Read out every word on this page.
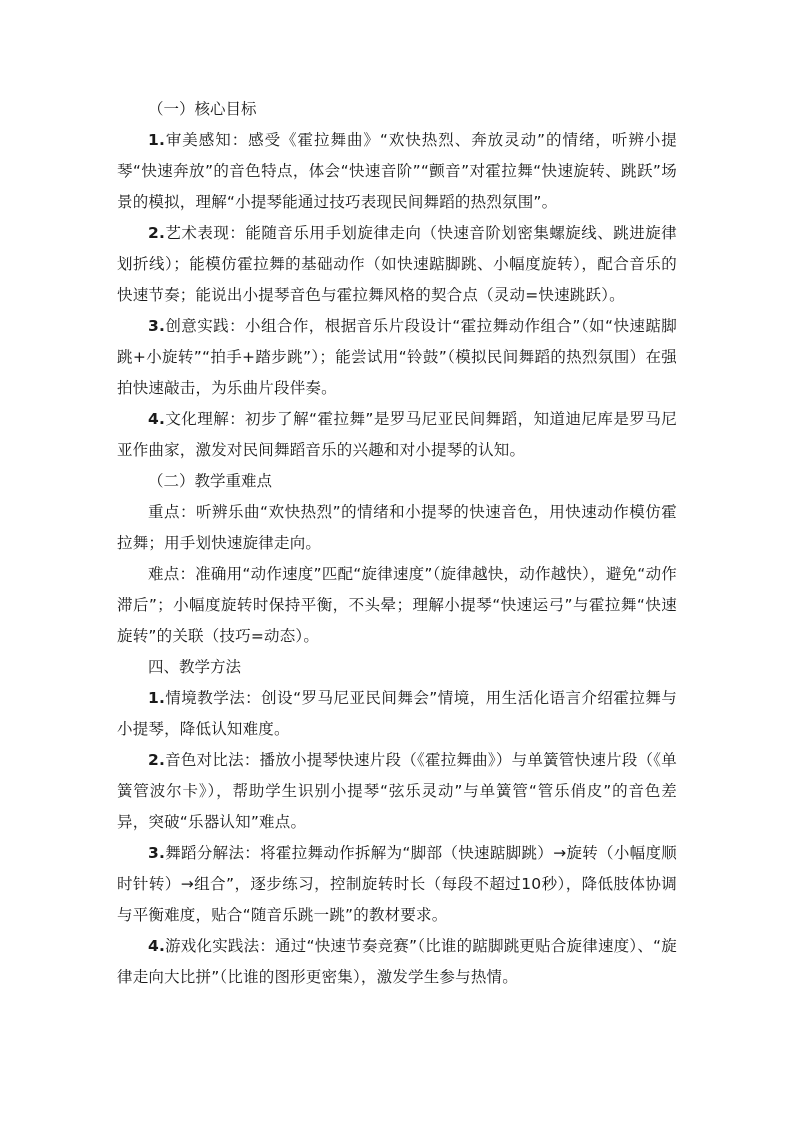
（一）核心目标

1.审美感知：感受《霍拉舞曲》“欢快热烈、奔放灵动”的情绪，听辨小提琴“快速奔放”的音色特点，体会“快速音阶”“颤音”对霍拉舞“快速旋转、跳跃”场景的模拟，理解“小提琴能通过技巧表现民间舞蹈的热烈氛围”。

2.艺术表现：能随音乐用手划旋律走向（快速音阶划密集螺旋线、跳进旋律划折线）；能模仿霍拉舞的基础动作（如快速踮脚跳、小幅度旋转），配合音乐的快速节奏；能说出小提琴音色与霍拉舞风格的契合点（灵动=快速跳跃）。

3.创意实践：小组合作，根据音乐片段设计“霍拉舞动作组合”（如“快速踮脚跳+小旋转”“拍手+踏步跳”）；能尝试用“铃鼓”（模拟民间舞蹈的热烈氛围）在强拍快速敲击，为乐曲片段伴奏。

4.文化理解：初步了解“霍拉舞”是罗马尼亚民间舞蹈，知道迪尼库是罗马尼亚作曲家，激发对民间舞蹈音乐的兴趣和对小提琴的认知。

（二）教学重难点

重点：听辨乐曲“欢快热烈”的情绪和小提琴的快速音色，用快速动作模仿霍拉舞；用手划快速旋律走向。

难点：准确用“动作速度”匹配“旋律速度”（旋律越快，动作越快），避免“动作滞后”；小幅度旋转时保持平衡，不头晕；理解小提琴“快速运弓”与霍拉舞“快速旋转”的关联（技巧=动态）。

四、教学方法

1.情境教学法：创设“罗马尼亚民间舞会”情境，用生活化语言介绍霍拉舞与小提琴，降低认知难度。

2.音色对比法：播放小提琴快速片段（《霍拉舞曲》）与单簧管快速片段（《单簧管波尔卡》），帮助学生识别小提琴“弦乐灵动”与单簧管“管乐俏皮”的音色差异，突破“乐器认知”难点。

3.舞蹈分解法：将霍拉舞动作拆解为“脚部（快速踮脚跳）→旋转（小幅度顺时针转）→组合”，逐步练习，控制旋转时长（每段不超过10秒），降低肢体协调与平衡难度，贴合“随音乐跳一跳”的教材要求。

4.游戏化实践法：通过“快速节奏竞赛”（比谁的踮脚跳更贴合旋律速度）、“旋律走向大比拼”（比谁的图形更密集），激发学生参与热情。
